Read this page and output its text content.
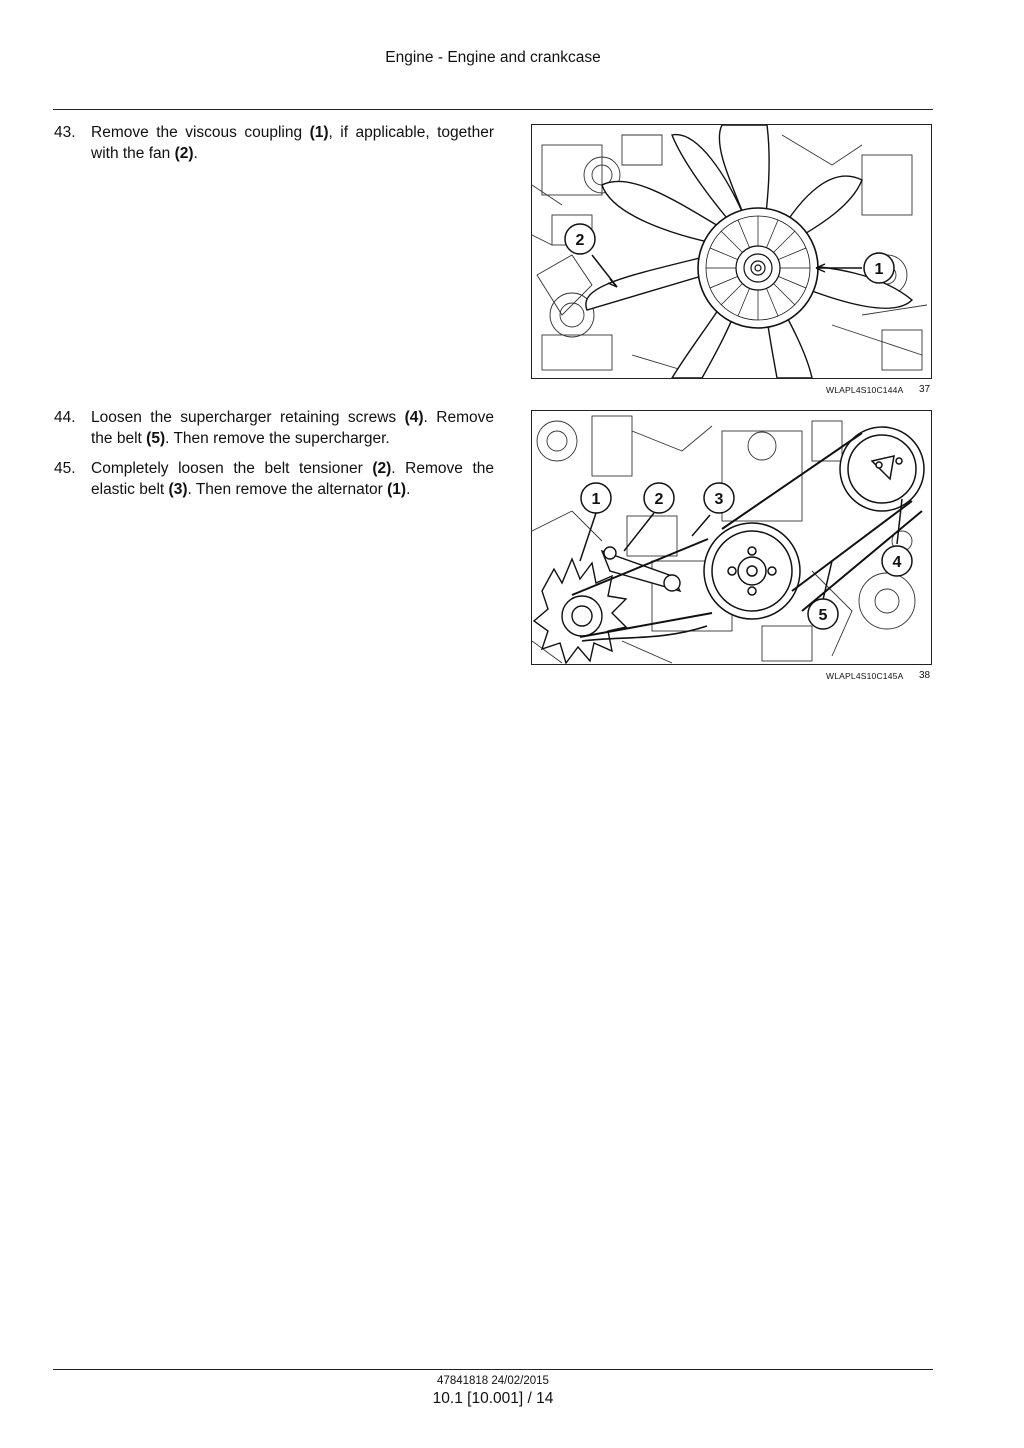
Engine - Engine and crankcase
43. Remove the viscous coupling (1), if applicable, together with the fan (2).
44. Loosen the supercharger retaining screws (4). Remove the belt (5). Then remove the supercharger.
45. Completely loosen the belt tensioner (2). Remove the elastic belt (3). Then remove the alternator (1).
2
1
WLAPL4S10C144A 37
1	2	3
4
5
WLAPL4S10C145A 38
47841818 24/02/2015
10.1 [10.001] / 14
